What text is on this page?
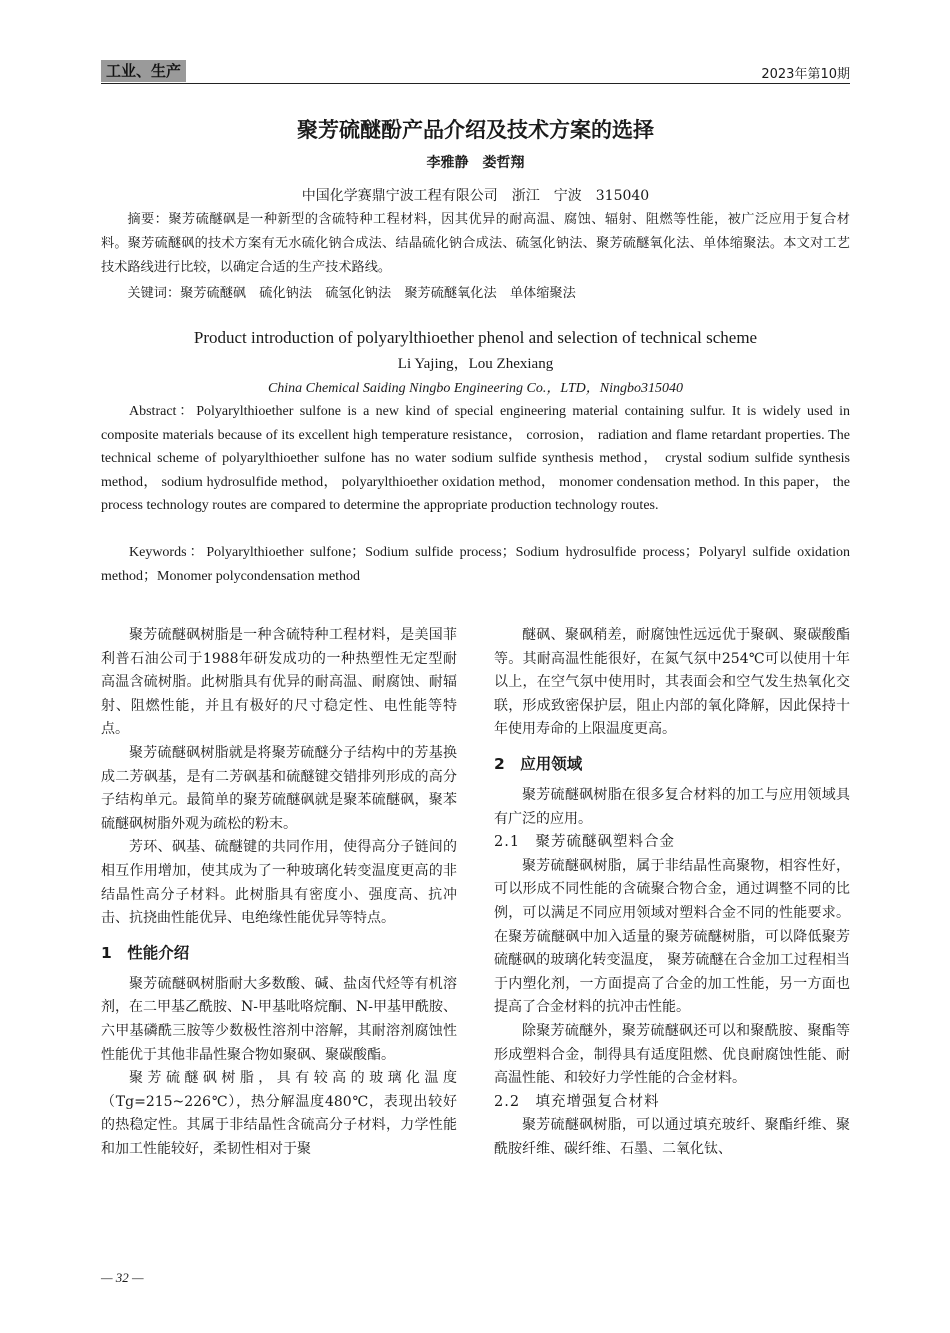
工业、生产	2023年第10期
聚芳硫醚酚产品介绍及技术方案的选择
李雅静　娄哲翔
中国化学赛鼎宁波工程有限公司　浙江　宁波　315040
摘要：聚芳硫醚砜是一种新型的含硫特种工程材料，因其优异的耐高温、腐蚀、辐射、阻燃等性能，被广泛应用于复合材料。聚芳硫醚砜的技术方案有无水硫化钠合成法、结晶硫化钠合成法、硫氢化钠法、聚芳硫醚氧化法、单体缩聚法。本文对工艺技术路线进行比较，以确定合适的生产技术路线。
关键词：聚芳硫醚砜　硫化钠法　硫氢化钠法　聚芳硫醚氧化法　单体缩聚法
Product introduction of polyarylthioether phenol and selection of technical scheme
Li Yajing，Lou Zhexiang
China Chemical Saiding Ningbo Engineering Co.，LTD，Ningbo315040
Abstract：Polyarylthioether sulfone is a new kind of special engineering material containing sulfur. It is widely used in composite materials because of its excellent high temperature resistance， corrosion， radiation and flame retardant properties. The technical scheme of polyarylthioether sulfone has no water sodium sulfide synthesis method， crystal sodium sulfide synthesis method， sodium hydrosulfide method， polyarylthioether oxidation method， monomer condensation method. In this paper， the process technology routes are compared to determine the appropriate production technology routes.
Keywords：Polyarylthioether sulfone；Sodium sulfide process；Sodium hydrosulfide process；Polyaryl sulfide oxidation method；Monomer polycondensation method

聚芳硫醚砜树脂是一种含硫特种工程材料，是美国菲利普石油公司于1988年研发成功的一种热塑性无定型耐高温含硫树脂。此树脂具有优异的耐高温、耐腐蚀、耐辐射、阻燃性能，并且有极好的尺寸稳定性、电性能等特点。

聚芳硫醚砜树脂就是将聚芳硫醚分子结构中的芳基换成二芳砜基，是有二芳砜基和硫醚键交错排列形成的高分子结构单元。最简单的聚芳硫醚砜就是聚苯硫醚砜，聚苯硫醚砜树脂外观为疏松的粉末。

芳环、砜基、硫醚键的共同作用，使得高分子链间的相互作用增加，使其成为了一种玻璃化转变温度更高的非结晶性高分子材料。此树脂具有密度小、强度高、抗冲击、抗挠曲性能优异、电绝缘性能优异等特点。

1　性能介绍

聚芳硫醚砜树脂耐大多数酸、碱、盐卤代烃等有机溶剂，在二甲基乙酰胺、N-甲基吡咯烷酮、N-甲基甲酰胺、六甲基磷酰三胺等少数极性溶剂中溶解，其耐溶剂腐蚀性性能优于其他非晶性聚合物如聚砜、聚碳酸酯。

聚芳硫醚砜树脂，具有较高的玻璃化温度（Tg=215~226℃），热分解温度480℃，表现出较好的热稳定性。其属于非结晶性含硫高分子材料，力学性能和加工性能较好，柔韧性相对于聚

醚砜、聚砜稍差，耐腐蚀性远远优于聚砜、聚碳酸酯等。其耐高温性能很好，在氮气氛中254℃可以使用十年以上，在空气氛中使用时，其表面会和空气发生热氧化交联，形成致密保护层，阻止内部的氧化降解，因此保持十年使用寿命的上限温度更高。

2　应用领域

聚芳硫醚砜树脂在很多复合材料的加工与应用领域具有广泛的应用。

2.1　聚芳硫醚砜塑料合金

聚芳硫醚砜树脂，属于非结晶性高聚物，相容性好，可以形成不同性能的含硫聚合物合金，通过调整不同的比例，可以满足不同应用领域对塑料合金不同的性能要求。在聚芳硫醚砜中加入适量的聚芳硫醚树脂，可以降低聚芳硫醚砜的玻璃化转变温度， 聚芳硫醚在合金加工过程相当于内塑化剂，一方面提高了合金的加工性能，另一方面也提高了合金材料的抗冲击性能。

除聚芳硫醚外，聚芳硫醚砜还可以和聚酰胺、聚酯等形成塑料合金，制得具有适度阻燃、优良耐腐蚀性能、耐高温性能、和较好力学性能的合金材料。

2.2　填充增强复合材料

聚芳硫醚砜树脂，可以通过填充玻纤、聚酯纤维、聚酰胺纤维、碳纤维、石墨、二氧化钛、

— 32 —
